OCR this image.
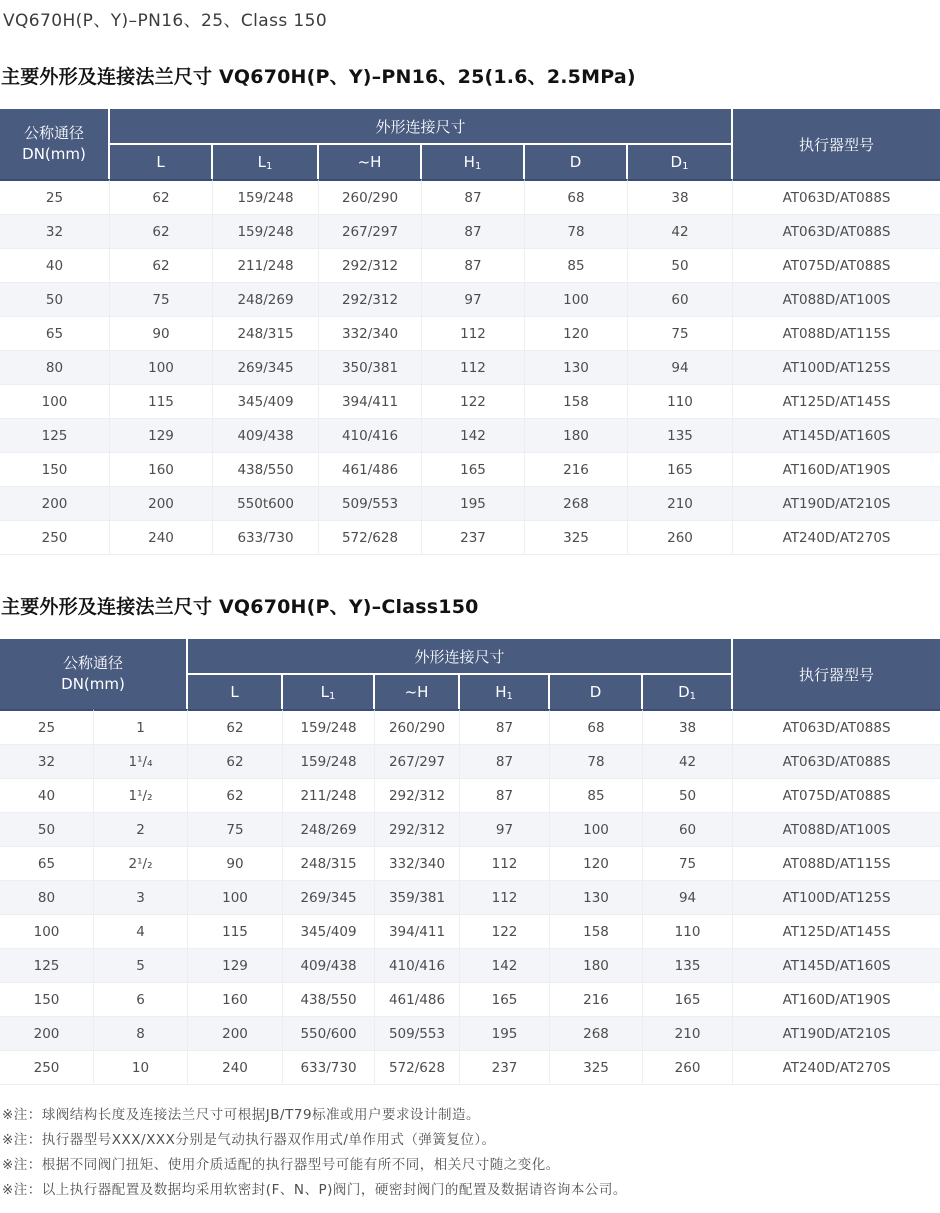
VQ670H(P、Y)–PN16、25、Class 150
主要外形及连接法兰尺寸 VQ670H(P、Y)–PN16、25(1.6、2.5MPa)
公称通径
DN(mm)	外形连接尺寸						执行器型号
	L	$L_1$	~H	$H_1$	D	$D_1$
25	62	159/248	260/290	87	68	38	AT063D/AT088S
32	62	159/248	267/297	87	78	42	AT063D/AT088S
40	62	211/248	292/312	87	85	50	AT075D/AT088S
50	75	248/269	292/312	97	100	60	AT088D/AT100S
65	90	248/315	332/340	112	120	75	AT088D/AT115S
80	100	269/345	350/381	112	130	94	AT100D/AT125S
100	115	345/409	394/411	122	158	110	AT125D/AT145S
125	129	409/438	410/416	142	180	135	AT145D/AT160S
150	160	438/550	461/486	165	216	165	AT160D/AT190S
200	200	550t600	509/553	195	268	210	AT190D/AT210S
250	240	633/730	572/628	237	325	260	AT240D/AT270S
主要外形及连接法兰尺寸 VQ670H(P、Y)–Class150
公称通径
DN(mm)		外形连接尺寸						执行器型号
		L	$L_1$	~H	$H_1$	D	$D_1$
25	1	62	159/248	260/290	87	68	38	AT063D/AT088S
32	1¹/₄	62	159/248	267/297	87	78	42	AT063D/AT088S
40	1¹/₂	62	211/248	292/312	87	85	50	AT075D/AT088S
50	2	75	248/269	292/312	97	100	60	AT088D/AT100S
65	2¹/₂	90	248/315	332/340	112	120	75	AT088D/AT115S
80	3	100	269/345	359/381	112	130	94	AT100D/AT125S
100	4	115	345/409	394/411	122	158	110	AT125D/AT145S
125	5	129	409/438	410/416	142	180	135	AT145D/AT160S
150	6	160	438/550	461/486	165	216	165	AT160D/AT190S
200	8	200	550/600	509/553	195	268	210	AT190D/AT210S
250	10	240	633/730	572/628	237	325	260	AT240D/AT270S
※注：球阀结构长度及连接法兰尺寸可根据JB/T79标准或用户要求设计制造。
※注：执行器型号XXX/XXX分别是气动执行器双作用式/单作用式（弹簧复位）。
※注：根据不同阀门扭矩、使用介质适配的执行器型号可能有所不同，相关尺寸随之变化。
※注：以上执行器配置及数据均采用软密封(F、N、P)阀门，硬密封阀门的配置及数据请咨询本公司。
